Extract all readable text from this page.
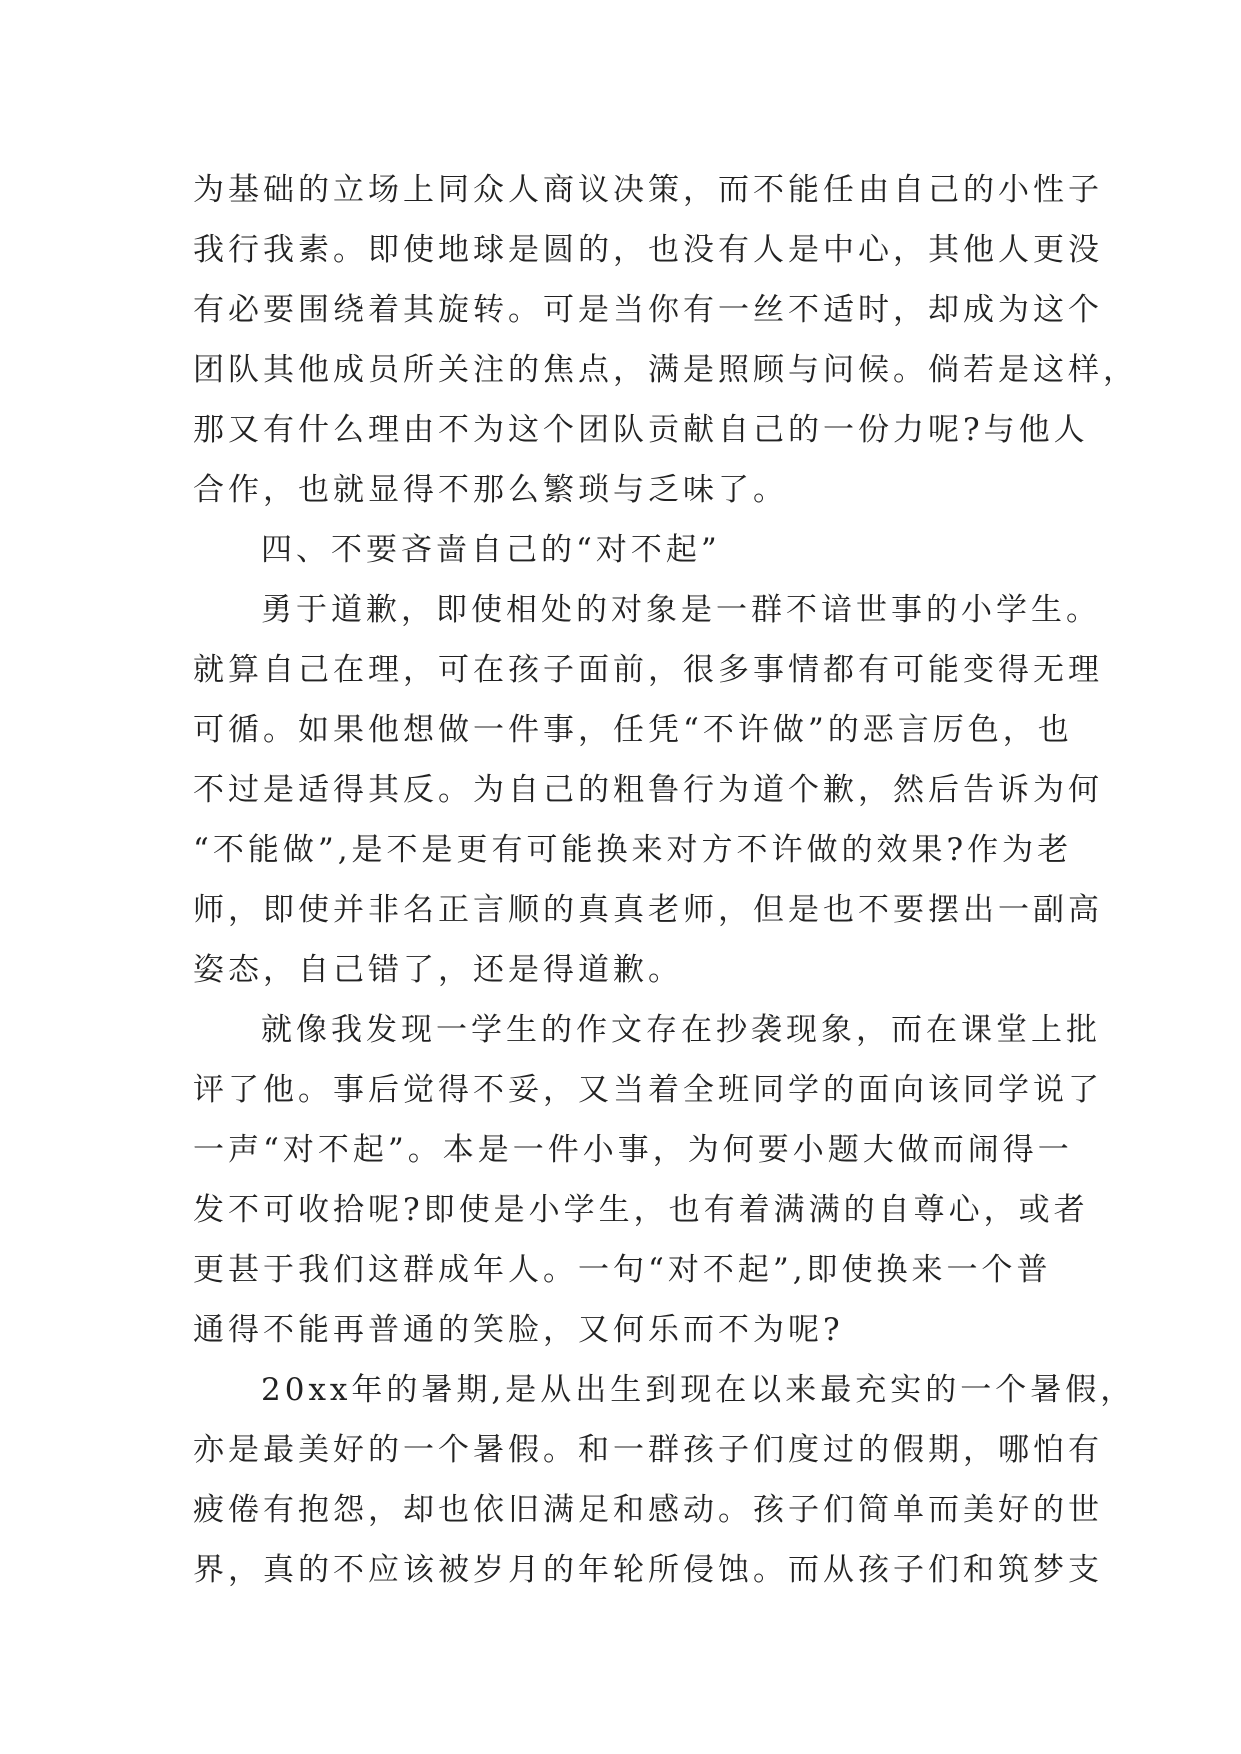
为基础的立场上同众人商议决策，而不能任由自己的小性子
我行我素。即使地球是圆的，也没有人是中心，其他人更没
有必要围绕着其旋转。可是当你有一丝不适时，却成为这个
团队其他成员所关注的焦点，满是照顾与问候。倘若是这样，
那又有什么理由不为这个团队贡献自己的一份力呢?与他人
合作，也就显得不那么繁琐与乏味了。
四、不要吝啬自己的“对不起”
勇于道歉，即使相处的对象是一群不谙世事的小学生。
就算自己在理，可在孩子面前，很多事情都有可能变得无理
可循。如果他想做一件事，任凭“不许做”的恶言厉色，也
不过是适得其反。为自己的粗鲁行为道个歉，然后告诉为何
“不能做”,是不是更有可能换来对方不许做的效果?作为老
师，即使并非名正言顺的真真老师，但是也不要摆出一副高
姿态，自己错了，还是得道歉。
就像我发现一学生的作文存在抄袭现象，而在课堂上批
评了他。事后觉得不妥，又当着全班同学的面向该同学说了
一声“对不起”。本是一件小事，为何要小题大做而闹得一
发不可收拾呢?即使是小学生，也有着满满的自尊心，或者
更甚于我们这群成年人。一句“对不起”,即使换来一个普
通得不能再普通的笑脸，又何乐而不为呢?
20xx年的暑期,是从出生到现在以来最充实的一个暑假，
亦是最美好的一个暑假。和一群孩子们度过的假期，哪怕有
疲倦有抱怨，却也依旧满足和感动。孩子们简单而美好的世
界，真的不应该被岁月的年轮所侵蚀。而从孩子们和筑梦支
